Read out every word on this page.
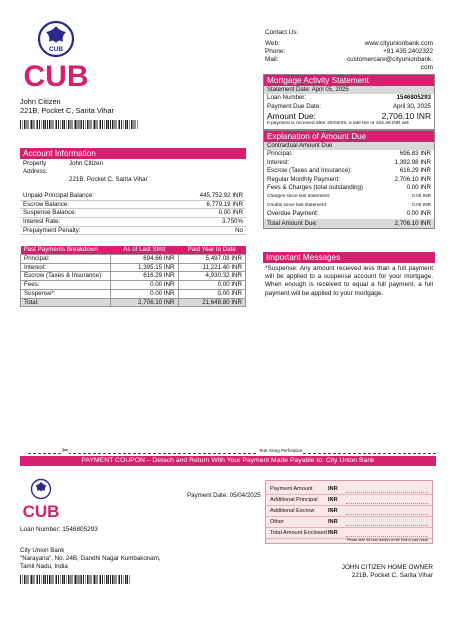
CUB
CUB
John Citizen
221B, Pocket C, Sarita Vihar
Contact Us:
Web:	www.cityunionbank.com
Phone:	+91 435 2402322
Mail:	customercare@cityunionbank.
com
Mortgage Activity Statement
Statement Date: April 05, 2025
Loan Number:	1546805293
Payment Due Date:	April 30, 2025
Amount Due:	2,706.10 INR
If payment is received after 30/04/25, a late fee of 104.49 INR will
Explanation of Amount Due
Contractual Amount Due
Principal:	696.83 INR
Interest:	1,392.98 INR
Escrow (Taxes and Insurance):	616.29 INR
Regular Monthly Payment:	2,706.10 INR
Fees & Charges (total outstanding)	0.00 INR
Charges since last statement:	0.00 INR
Credits since last statement:	0.00 INR
Overdue Payment:	0.00 INR
Total Amount Due:	2,706.10 INR
Account Information
Property Address:
John Citizen
221B, Pocket C, Sarita Vihar
Unpaid Principal Balance:	445,752.92 INR
Escrow Balance:	6,779.19 INR
Suspense Balance:	0.00 INR
Interest Rate:	3.750%
Prepayment Penalty:	No
Past Payments Breakdown	As of Last Stmt	Paid Year to Date
Principal:	694.66 INR	5,497.08 INR
Interest:	1,395.15 INR	11,221.40 INR
Escrow (Taxes & Insurance):	616.29 INR	4,930.32 INR
Fees:	0.00 INR	0.00 INR
Suspense*:	0.00 INR	0.00 INR
Total:	2,706.10 INR	21,648.80 INR
Important Messages
*Suspense: Any amount received less than a full payment will be applied to a suspense account for your mortgage. When enough is received to equal a full payment, a full payment will be applied to your mortgage.
✂	Tear Along Perforation
PAYMENT COUPON – Detach and Return With Your Payment Made Payable to: City Union Bank
CUB
Payment Date: 05/04/2025
Loan Number: 1546805293
City Union Bank
"Narayana", No. 24B, Gandhi Nagar Kumbakonam,
Tamil Nadu, India
Payment Amount	INR
Additional Principal	INR
Additional Escrow	INR
Other	INR
Total Amount Enclosed INR
Please write the loan number on the front of your check
JOHN CITIZEN HOME OWNER
221B, Pocket C, Sarita Vihar
